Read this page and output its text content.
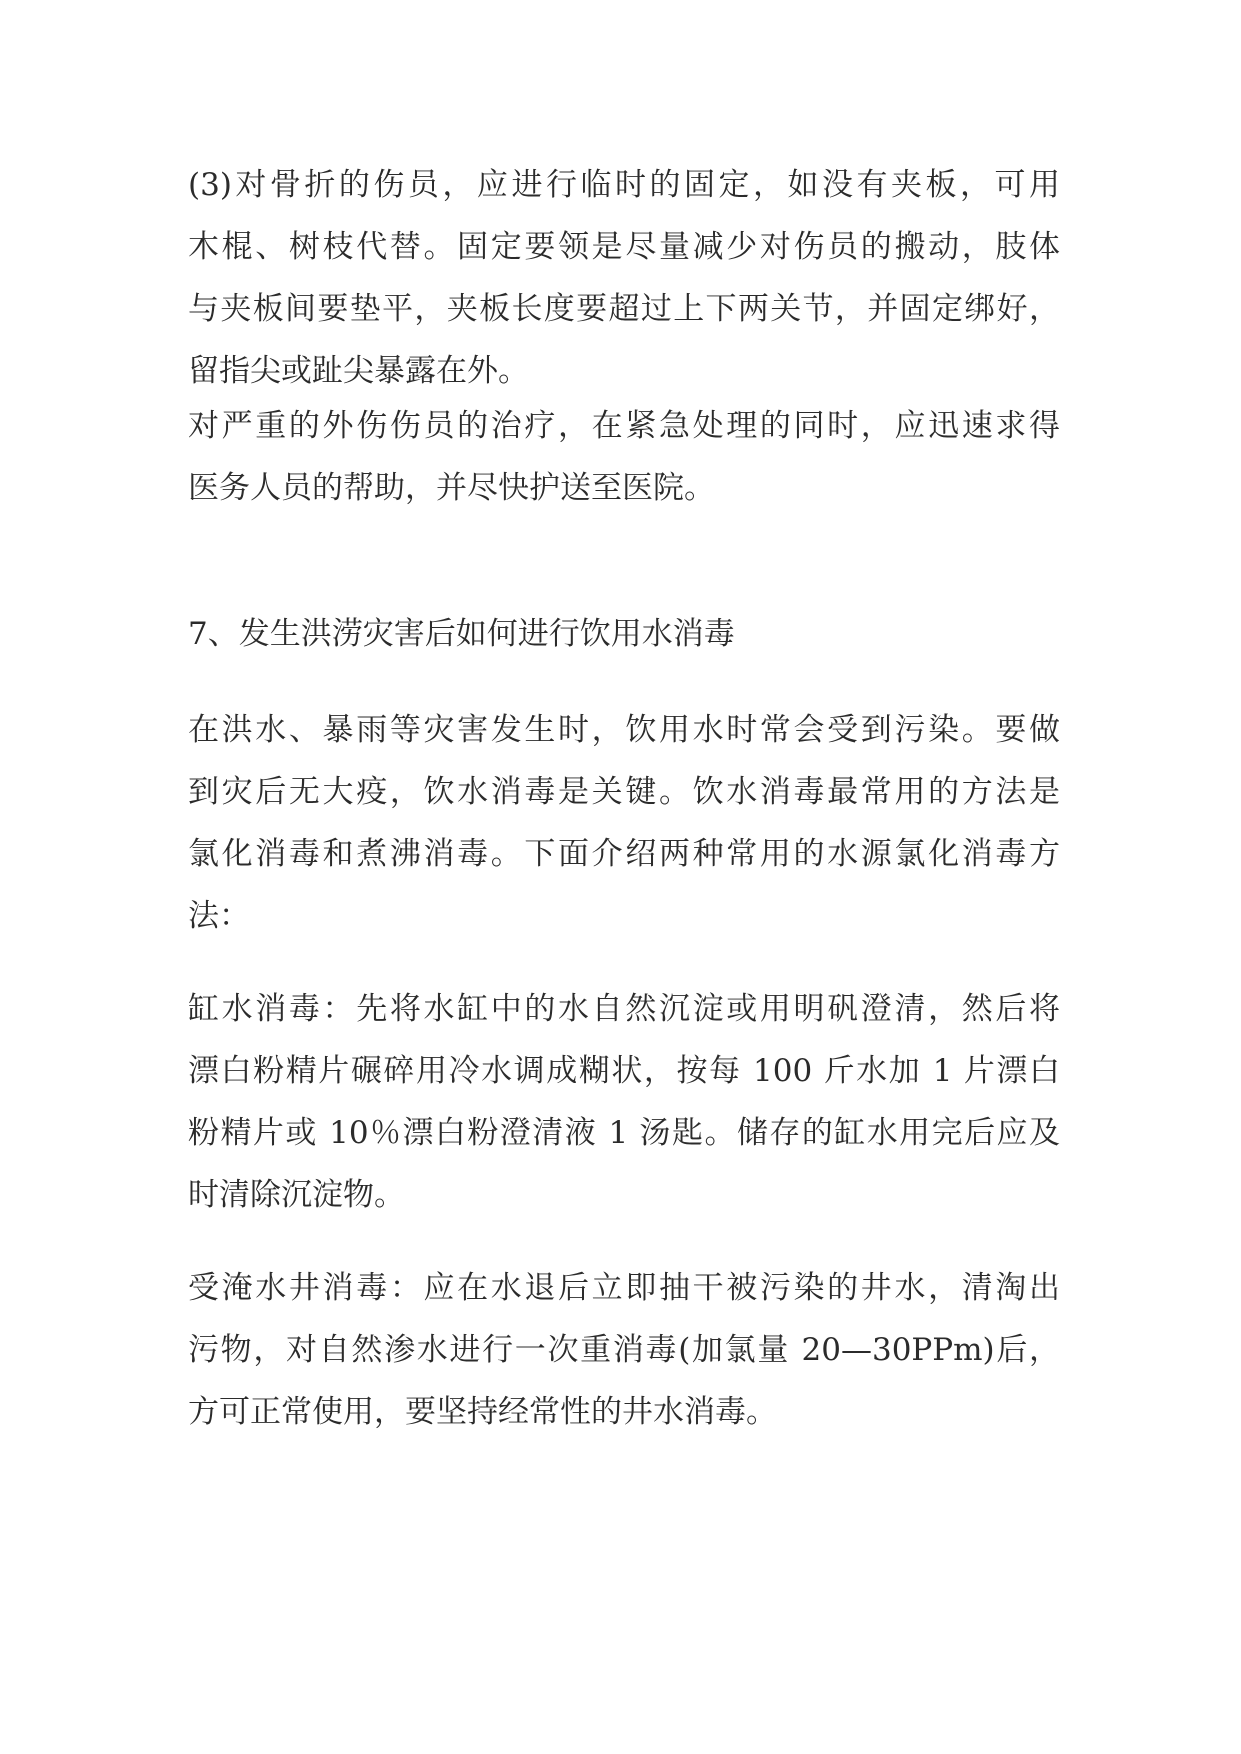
(3)对骨折的伤员，应进行临时的固定，如没有夹板，可用
木棍、树枝代替。固定要领是尽量减少对伤员的搬动，肢体
与夹板间要垫平，夹板长度要超过上下两关节，并固定绑好，
留指尖或趾尖暴露在外。
对严重的外伤伤员的治疗，在紧急处理的同时，应迅速求得
医务人员的帮助，并尽快护送至医院。
7、发生洪涝灾害后如何进行饮用水消毒
在洪水、暴雨等灾害发生时，饮用水时常会受到污染。要做
到灾后无大疫，饮水消毒是关键。饮水消毒最常用的方法是
氯化消毒和煮沸消毒。下面介绍两种常用的水源氯化消毒方
法：
缸水消毒：先将水缸中的水自然沉淀或用明矾澄清，然后将
漂白粉精片碾碎用冷水调成糊状，按每 100 斤水加 1 片漂白
粉精片或 10％漂白粉澄清液 1 汤匙。储存的缸水用完后应及
时清除沉淀物。
受淹水井消毒：应在水退后立即抽干被污染的井水，清淘出
污物，对自然渗水进行一次重消毒(加氯量 20—30PPm)后，
方可正常使用，要坚持经常性的井水消毒。
